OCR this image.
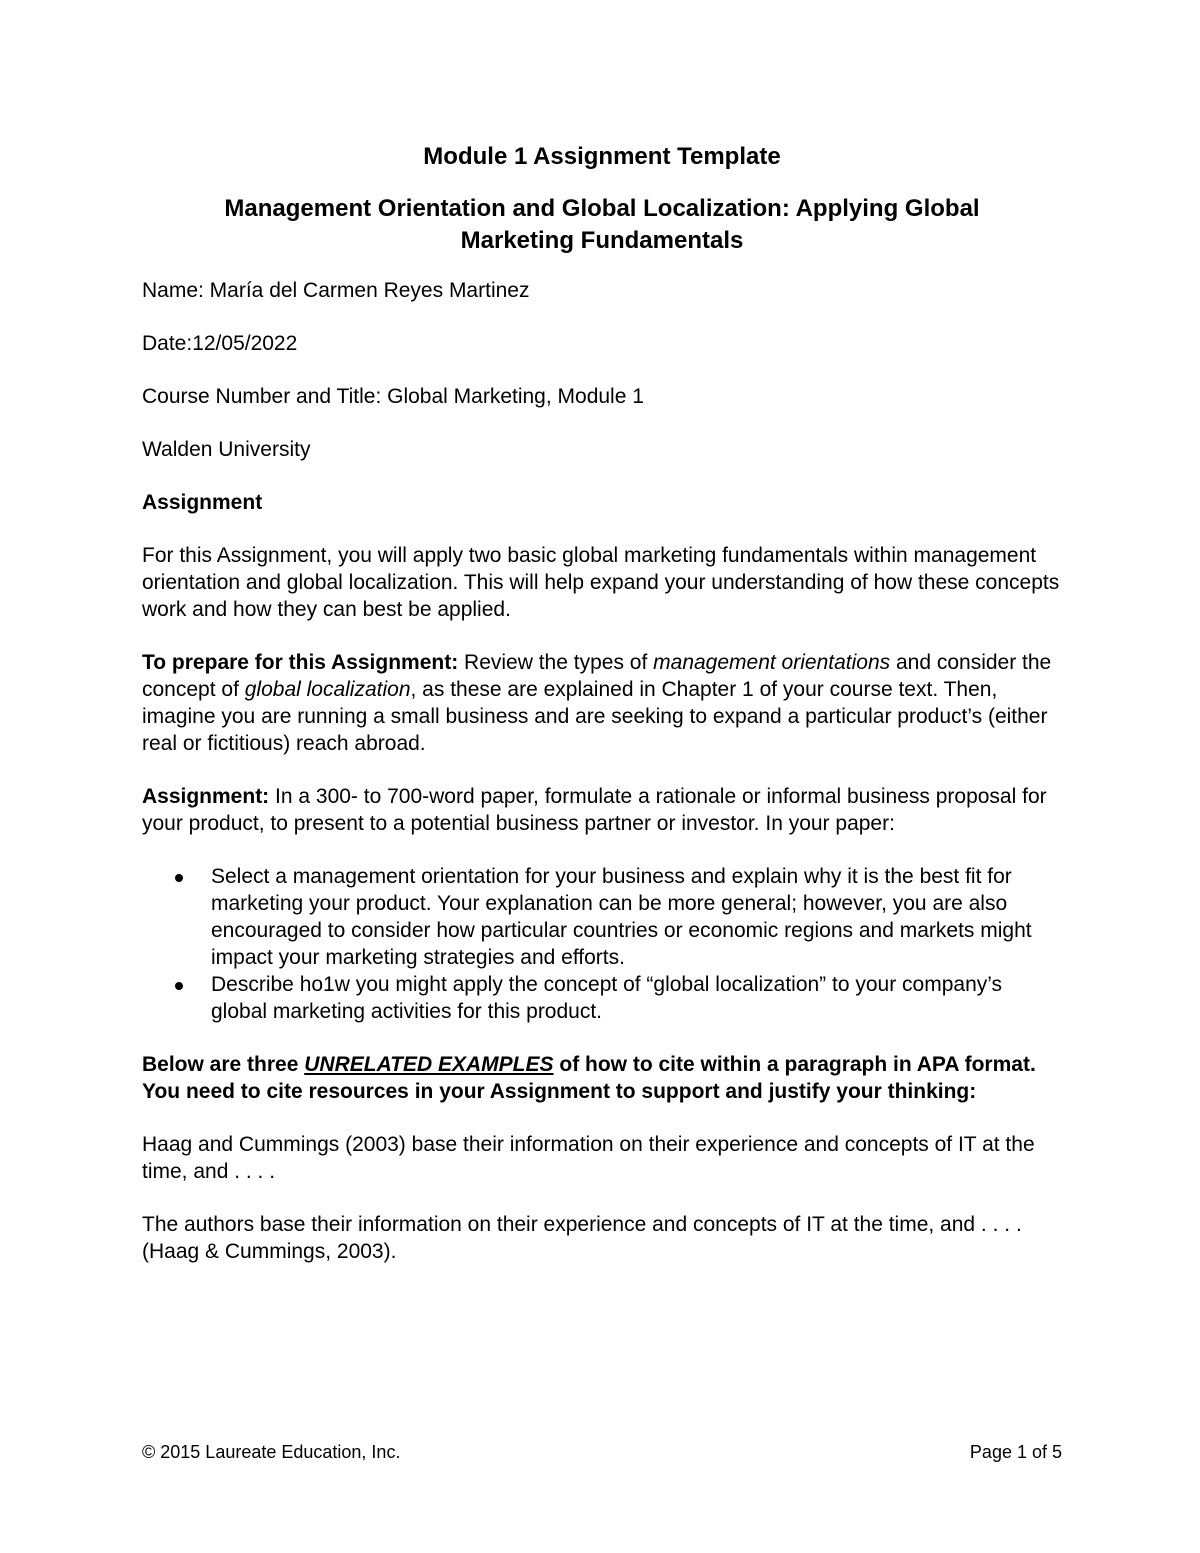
Module 1 Assignment Template
Management Orientation and Global Localization: Applying Global
Marketing Fundamentals
Name: María del Carmen Reyes Martinez
Date:12/05/2022
Course Number and Title: Global Marketing, Module 1
Walden University
Assignment

For this Assignment, you will apply two basic global marketing fundamentals within management orientation and global localization. This will help expand your understanding of how these concepts work and how they can best be applied.

To prepare for this Assignment: Review the types of management orientations and consider the concept of global localization, as these are explained in Chapter 1 of your course text. Then, imagine you are running a small business and are seeking to expand a particular product’s (either real or fictitious) reach abroad.

Assignment: In a 300- to 700-word paper, formulate a rationale or informal business proposal for your product, to present to a potential business partner or investor. In your paper:

Select a management orientation for your business and explain why it is the best fit for marketing your product. Your explanation can be more general; however, you are also encouraged to consider how particular countries or economic regions and markets might impact your marketing strategies and efforts.
Describe ho1w you might apply the concept of “global localization” to your company’s global marketing activities for this product.
Below are three UNRELATED EXAMPLES of how to cite within a paragraph in APA format. You need to cite resources in your Assignment to support and justify your thinking:

Haag and Cummings (2003) base their information on their experience and concepts of IT at the time, and . . . .

The authors base their information on their experience and concepts of IT at the time, and . . . . (Haag & Cummings, 2003).

© 2015 Laureate Education, Inc.	Page 1 of 5
